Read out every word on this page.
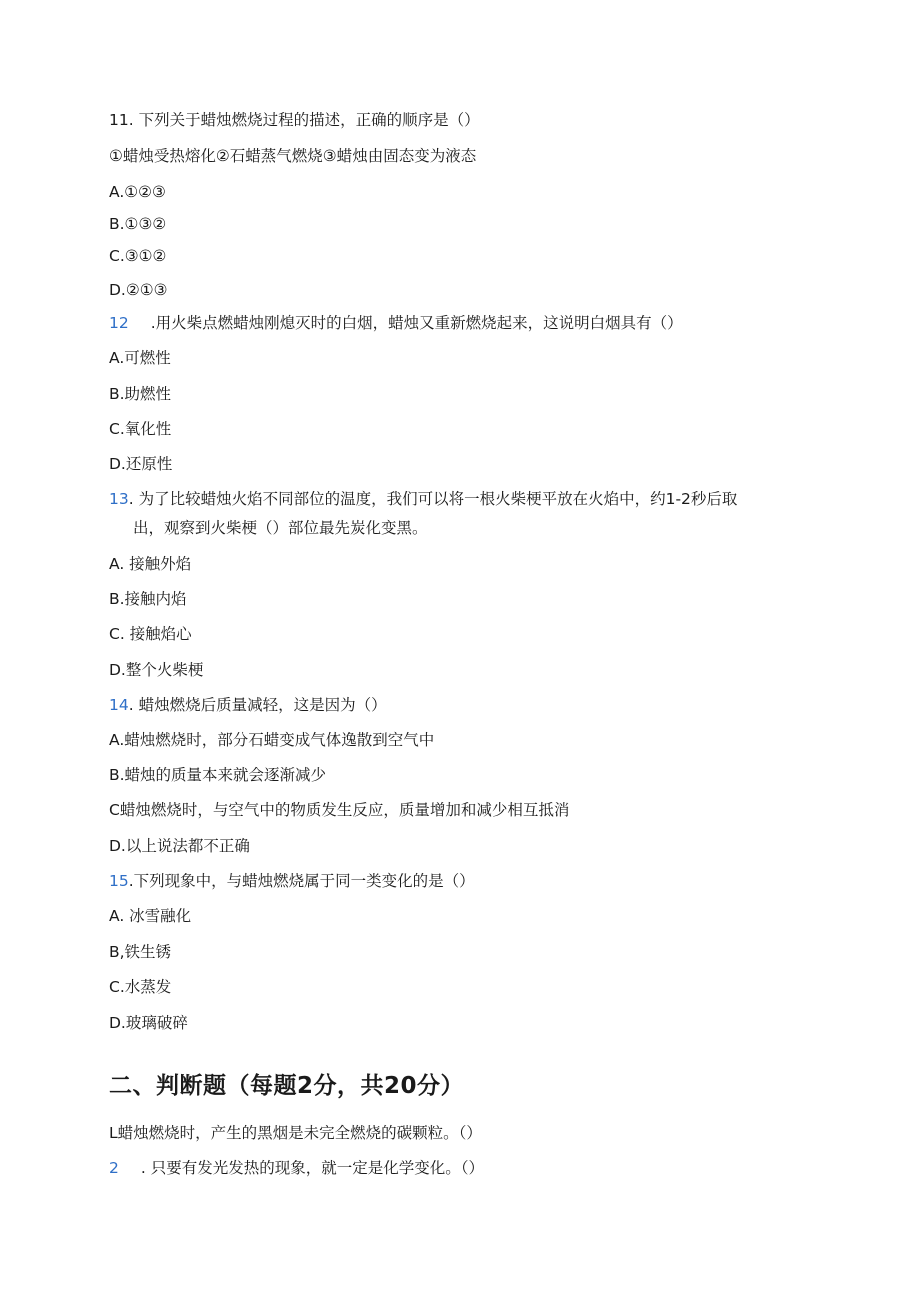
11. 下列关于蜡烛燃烧过程的描述，正确的顺序是（）
①蜡烛受热熔化②石蜡蒸气燃烧③蜡烛由固态变为液态
A.①②③
B.①③②
C.③①②
D.②①③
12 .用火柴点燃蜡烛刚熄灭时的白烟，蜡烛又重新燃烧起来，这说明白烟具有（）
A.可燃性
B.助燃性
C.氧化性
D.还原性
13. 为了比较蜡烛火焰不同部位的温度，我们可以将一根火柴梗平放在火焰中，约1-2秒后取
出，观察到火柴梗（）部位最先炭化变黑。
A. 接触外焰
B.接触内焰
C. 接触焰心
D.整个火柴梗
14. 蜡烛燃烧后质量减轻，这是因为（）
A.蜡烛燃烧时，部分石蜡变成气体逸散到空气中
B.蜡烛的质量本来就会逐渐减少
C蜡烛燃烧时，与空气中的物质发生反应，质量增加和减少相互抵消
D.以上说法都不正确
15.下列现象中，与蜡烛燃烧属于同一类变化的是（）
A. 冰雪融化
B,铁生锈
C.水蒸发
D.玻璃破碎
二、判断题（每题2分，共20分）
L蜡烛燃烧时，产生的黑烟是未完全燃烧的碳颗粒。（）
2 . 只要有发光发热的现象，就一定是化学变化。（）
